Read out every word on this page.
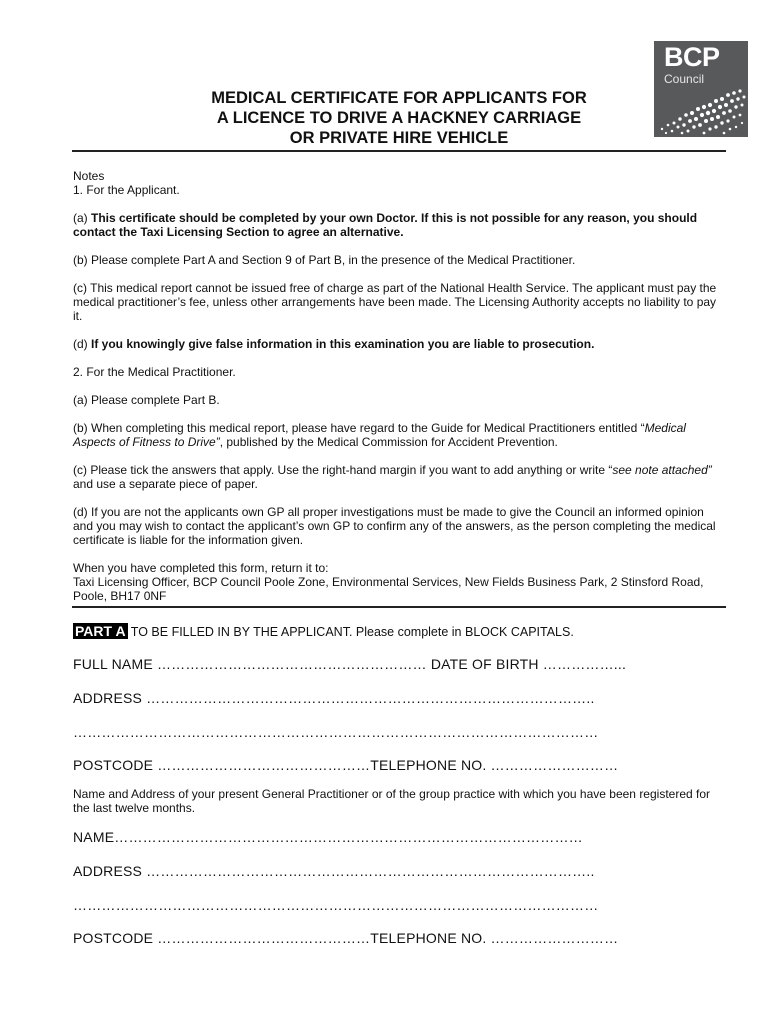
BCP
Council
MEDICAL CERTIFICATE FOR APPLICANTS FOR
A LICENCE TO DRIVE A HACKNEY CARRIAGE
OR PRIVATE HIRE VEHICLE

Notes

1. For the Applicant.

(a) This certificate should be completed by your own Doctor. If this is not possible for any reason, you should contact the Taxi Licensing Section to agree an alternative.

(b) Please complete Part A and Section 9 of Part B, in the presence of the Medical Practitioner.

(c) This medical report cannot be issued free of charge as part of the National Health Service. The applicant must pay the medical practitioner’s fee, unless other arrangements have been made. The Licensing Authority accepts no liability to pay it.

(d) If you knowingly give false information in this examination you are liable to prosecution.

2. For the Medical Practitioner.

(a) Please complete Part B.

(b) When completing this medical report, please have regard to the Guide for Medical Practitioners entitled “Medical Aspects of Fitness to Drive”, published by the Medical Commission for Accident Prevention.

(c) Please tick the answers that apply. Use the right-hand margin if you want to add anything or write “see note attached” and use a separate piece of paper.

(d) If you are not the applicants own GP all proper investigations must be made to give the Council an informed opinion and you may wish to contact the applicant’s own GP to confirm any of the answers, as the person completing the medical certificate is liable for the information given.

When you have completed this form, return it to:

Taxi Licensing Officer, BCP Council Poole Zone, Environmental Services, New Fields Business Park, 2 Stinsford Road, Poole, BH17 0NF

PART A TO BE FILLED IN BY THE APPLICANT. Please complete in BLOCK CAPITALS.
FULL NAME ………………………………………………… DATE OF BIRTH ……………...
ADDRESS …………………………………………………………………………………..
…………………………………………………………………………………………………
POSTCODE ………………………………………TELEPHONE NO. ………………………
Name and Address of your present General Practitioner or of the group practice with which you have been registered for the last twelve months.
NAME………………………………………………………………………………………
ADDRESS …………………………………………………………………………………..
…………………………………………………………………………………………………
POSTCODE ………………………………………TELEPHONE NO. ………………………
